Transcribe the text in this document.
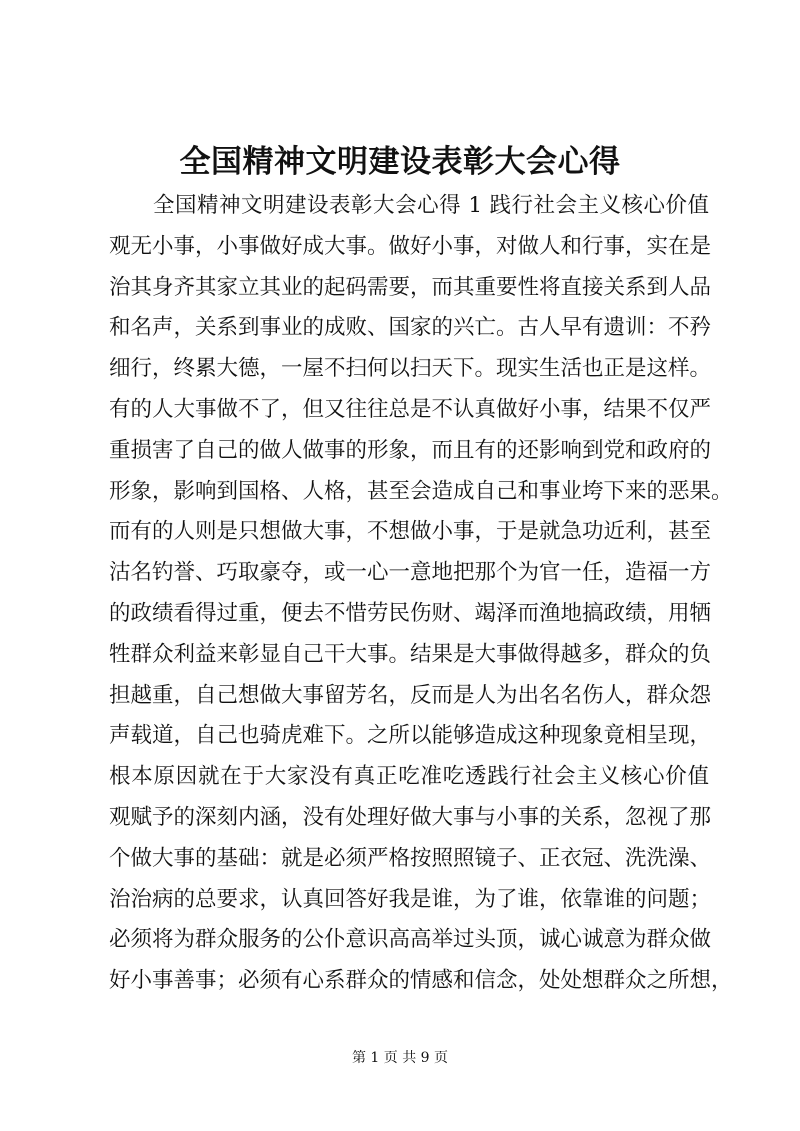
全国精神文明建设表彰大会心得
全国精神文明建设表彰大会心得 1 践行社会主义核心价值
观无小事，小事做好成大事。做好小事，对做人和行事，实在是
治其身齐其家立其业的起码需要，而其重要性将直接关系到人品
和名声，关系到事业的成败、国家的兴亡。古人早有遗训：不矜
细行，终累大德，一屋不扫何以扫天下。现实生活也正是这样。
有的人大事做不了，但又往往总是不认真做好小事，结果不仅严
重损害了自己的做人做事的形象，而且有的还影响到党和政府的
形象，影响到国格、人格，甚至会造成自己和事业垮下来的恶果。
而有的人则是只想做大事，不想做小事，于是就急功近利，甚至
沽名钓誉、巧取豪夺，或一心一意地把那个为官一任，造福一方
的政绩看得过重，便去不惜劳民伤财、竭泽而渔地搞政绩，用牺
牲群众利益来彰显自己干大事。结果是大事做得越多，群众的负
担越重，自己想做大事留芳名，反而是人为出名名伤人，群众怨
声载道，自己也骑虎难下。之所以能够造成这种现象竟相呈现，
根本原因就在于大家没有真正吃准吃透践行社会主义核心价值
观赋予的深刻内涵，没有处理好做大事与小事的关系，忽视了那
个做大事的基础：就是必须严格按照照镜子、正衣冠、洗洗澡、
治治病的总要求，认真回答好我是谁，为了谁，依靠谁的问题；
必须将为群众服务的公仆意识高高举过头顶，诚心诚意为群众做
好小事善事；必须有心系群众的情感和信念，处处想群众之所想，
第 1 页 共 9 页
